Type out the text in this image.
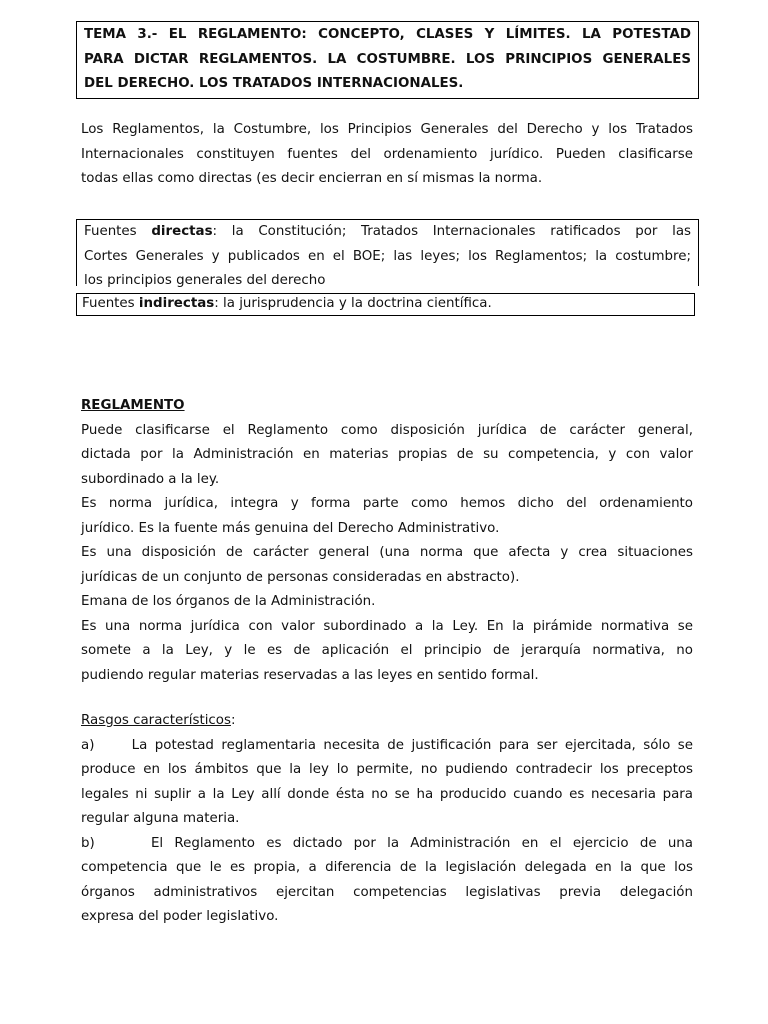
TEMA 3.- EL REGLAMENTO: CONCEPTO, CLASES Y LÍMITES. LA POTESTAD
PARA DICTAR REGLAMENTOS. LA COSTUMBRE. LOS PRINCIPIOS GENERALES
DEL DERECHO. LOS TRATADOS INTERNACIONALES.
Los Reglamentos, la Costumbre, los Principios Generales del Derecho y los Tratados
Internacionales constituyen fuentes del ordenamiento jurídico. Pueden clasificarse
todas ellas como directas (es decir encierran en sí mismas la norma.
Fuentes directas: la Constitución; Tratados Internacionales ratificados por las
Cortes Generales y publicados en el BOE; las leyes; los Reglamentos; la costumbre;
los principios generales del derecho
Fuentes indirectas: la jurisprudencia y la doctrina científica.
REGLAMENTO
Puede clasificarse el Reglamento como disposición jurídica de carácter general,
dictada por la Administración en materias propias de su competencia, y con valor
subordinado a la ley.
Es norma jurídica, integra y forma parte como hemos dicho del ordenamiento
jurídico. Es la fuente más genuina del Derecho Administrativo.
Es una disposición de carácter general (una norma que afecta y crea situaciones
jurídicas de un conjunto de personas consideradas en abstracto).
Emana de los órganos de la Administración.
Es una norma jurídica con valor subordinado a la Ley. En la pirámide normativa se
somete a la Ley, y le es de aplicación el principio de jerarquía normativa, no
pudiendo regular materias reservadas a las leyes en sentido formal.
Rasgos característicos:
a)     La potestad reglamentaria necesita de justificación para ser ejercitada, sólo se
produce en los ámbitos que la ley lo permite, no pudiendo contradecir los preceptos
legales ni suplir a la Ley allí donde ésta no se ha producido cuando es necesaria para
regular alguna materia.
b)     El Reglamento es dictado por la Administración en el ejercicio de una
competencia que le es propia, a diferencia de la legislación delegada en la que los
órganos administrativos ejercitan competencias legislativas previa delegación
expresa del poder legislativo.
